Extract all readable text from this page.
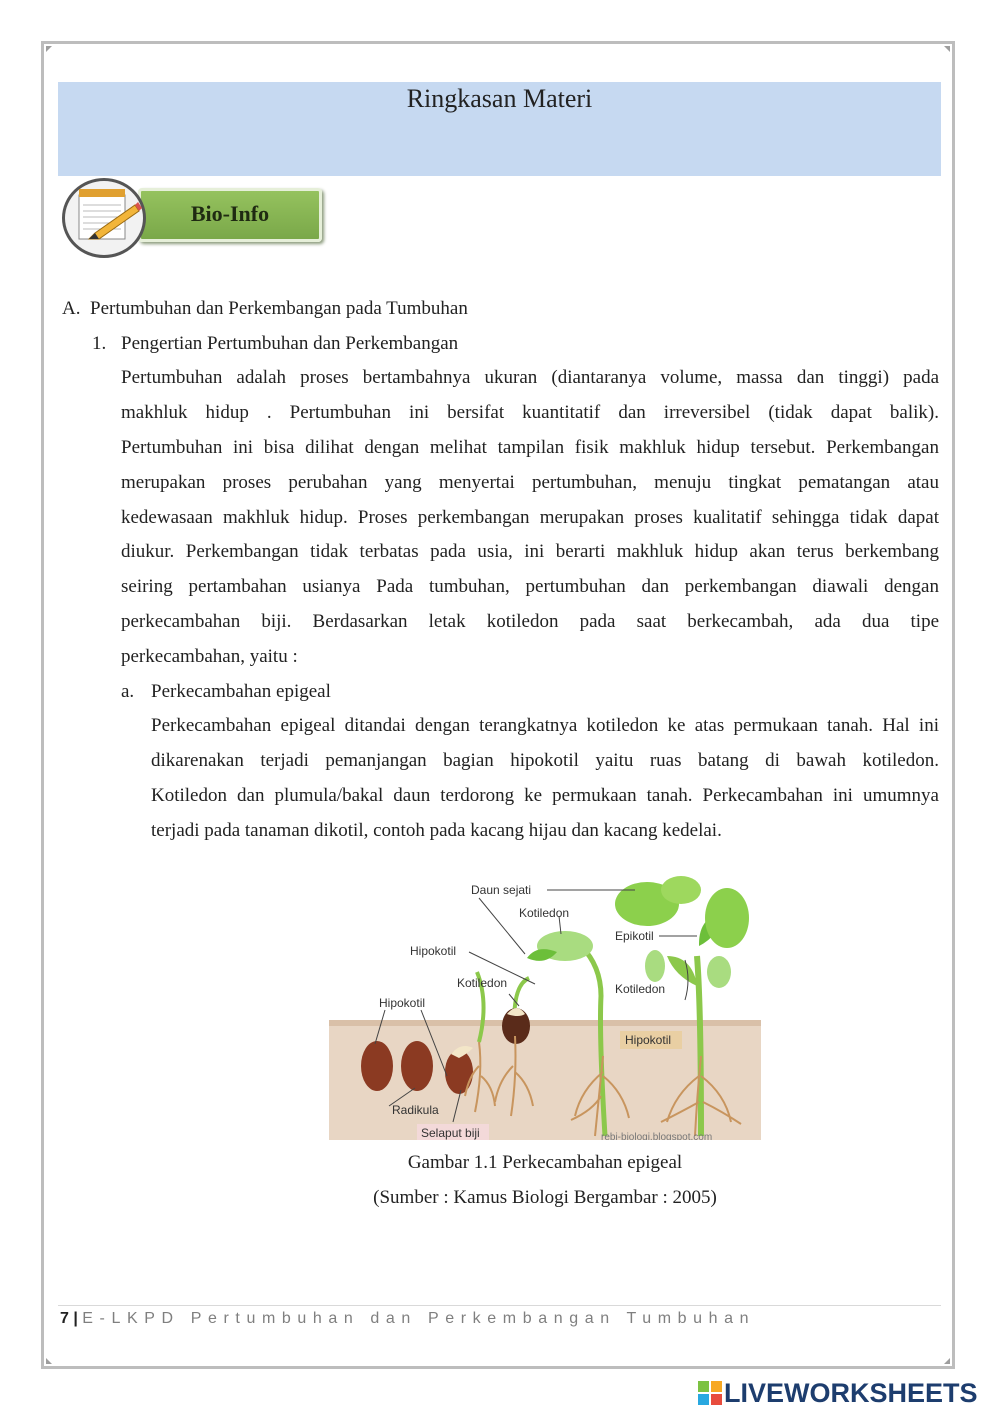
Ringkasan Materi
Bio-Info
A. Pertumbuhan dan Perkembangan pada Tumbuhan
1. Pengertian Pertumbuhan dan Perkembangan
Pertumbuhan adalah proses bertambahnya ukuran (diantaranya volume, massa dan tinggi) pada
makhluk hidup . Pertumbuhan ini bersifat kuantitatif dan irreversibel (tidak dapat balik).
Pertumbuhan ini bisa dilihat dengan melihat tampilan fisik makhluk hidup tersebut. Perkembangan
merupakan proses perubahan yang menyertai pertumbuhan, menuju tingkat pematangan atau
kedewasaan makhluk hidup. Proses perkembangan merupakan proses kualitatif sehingga tidak dapat
diukur. Perkembangan tidak terbatas pada usia, ini berarti makhluk hidup akan terus berkembang
seiring pertambahan usianya Pada tumbuhan, pertumbuhan dan perkembangan diawali dengan
perkecambahan biji. Berdasarkan letak kotiledon pada saat berkecambah, ada dua tipe
perkecambahan, yaitu :
a. Perkecambahan epigeal
Perkecambahan epigeal ditandai dengan terangkatnya kotiledon ke atas permukaan tanah. Hal ini
dikarenakan terjadi pemanjangan bagian hipokotil yaitu ruas batang di bawah kotiledon.
Kotiledon dan plumula/bakal daun terdorong ke permukaan tanah. Perkecambahan ini umumnya
terjadi pada tanaman dikotil, contoh pada kacang hijau dan kacang kedelai.
Daun sejati
Kotiledon
Epikotil
Hipokotil
Kotiledon
Hipokotil
Kotiledon
Hipokotil
Radikula
Selaput biji	rebi-biologi.blogspot.com
Gambar 1.1 Perkecambahan epigeal
(Sumber : Kamus Biologi Bergambar : 2005)
7 | E-LKPD Pertumbuhan dan Perkembangan Tumbuhan
LIVEWORKSHEETS
